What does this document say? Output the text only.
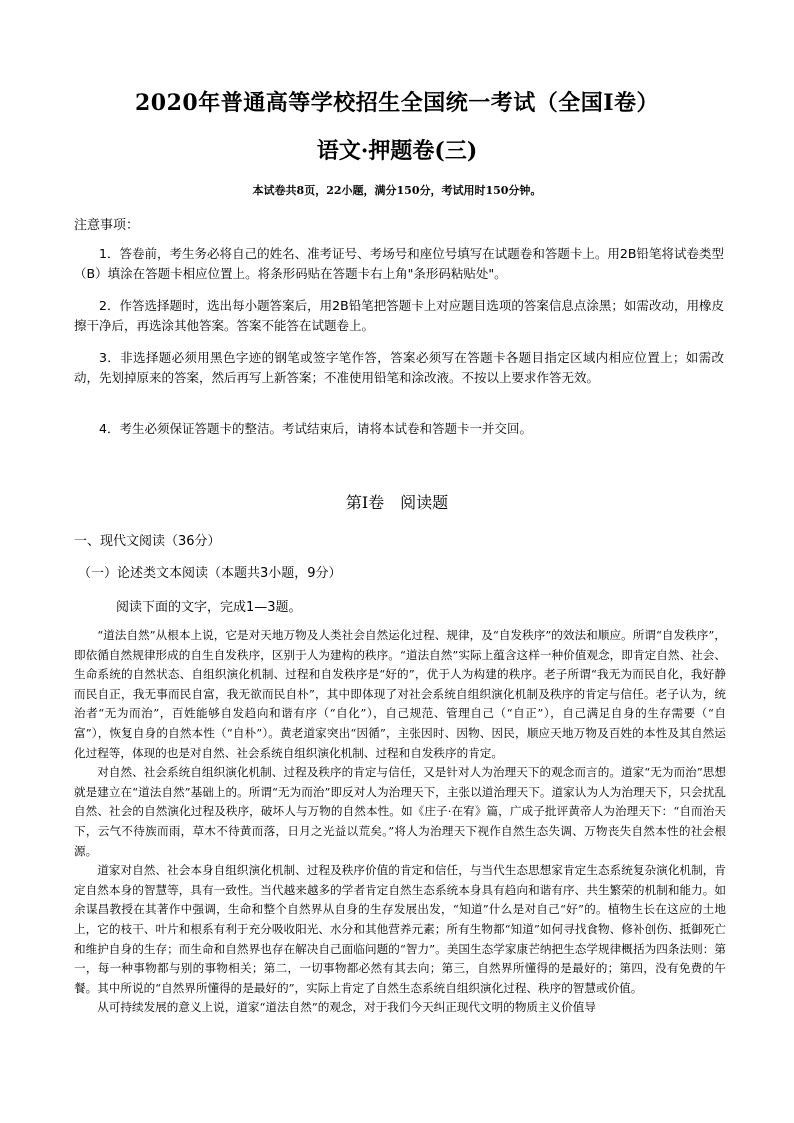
2020年普通高等学校招生全国统一考试（全国I卷）
语文·押题卷(三)
本试卷共8页，22小题，满分150分，考试用时150分钟。
注意事项：
1．答卷前，考生务必将自己的姓名、准考证号、考场号和座位号填写在试题卷和答题卡上。用2B铅笔将试卷类型（B）填涂在答题卡相应位置上。将条形码贴在答题卡右上角"条形码粘贴处"。
2．作答选择题时，选出每小题答案后，用2B铅笔把答题卡上对应题目选项的答案信息点涂黑；如需改动，用橡皮擦干净后，再选涂其他答案。答案不能答在试题卷上。
3．非选择题必须用黑色字迹的钢笔或签字笔作答，答案必须写在答题卡各题目指定区域内相应位置上；如需改动，先划掉原来的答案，然后再写上新答案；不准使用铅笔和涂改液。不按以上要求作答无效。
4．考生必须保证答题卡的整洁。考试结束后，请将本试卷和答题卡一并交回。
第I卷 阅读题
一、现代文阅读（36分）
（一）论述类文本阅读（本题共3小题，9分）
阅读下面的文字，完成1—3题。

“道法自然”从根本上说，它是对天地万物及人类社会自然运化过程、规律，及“自发秩序”的效法和顺应。所谓“自发秩序”，即依循自然规律形成的自生自发秩序，区别于人为建构的秩序。“道法自然”实际上蕴含这样一种价值观念，即肯定自然、社会、生命系统的自然状态、自组织演化机制、过程和自发秩序是“好的”，优于人为构建的秩序。老子所谓“我无为而民自化，我好静而民自正，我无事而民自富，我无欲而民自朴”，其中即体现了对社会系统自组织演化机制及秩序的肯定与信任。老子认为，统治者“无为而治”，百姓能够自发趋向和谐有序（“自化”），自己规范、管理自己（“自正”），自己满足自身的生存需要（“自富”），恢复自身的自然本性（“自朴”）。黄老道家突出“因循”，主张因时、因物、因民，顺应天地万物及百姓的本性及其自然运化过程等，体现的也是对自然、社会系统自组织演化机制、过程和自发秩序的肯定。

对自然、社会系统自组织演化机制、过程及秩序的肯定与信任，又是针对人为治理天下的观念而言的。道家“无为而治”思想就是建立在“道法自然”基础上的。所谓“无为而治”即反对人为治理天下，主张以道治理天下。道家认为人为治理天下，只会扰乱自然、社会的自然演化过程及秩序，破坏人与万物的自然本性。如《庄子·在宥》篇，广成子批评黄帝人为治理天下：“自而治天下，云气不待族而雨，草木不待黄而落，日月之光益以荒矣。”将人为治理天下视作自然生态失调、万物丧失自然本性的社会根源。

道家对自然、社会本身自组织演化机制、过程及秩序价值的肯定和信任，与当代生态思想家肯定生态系统复杂演化机制，肯定自然本身的智慧等，具有一致性。当代越来越多的学者肯定自然生态系统本身具有趋向和谐有序、共生繁荣的机制和能力。如余谋昌教授在其著作中强调，生命和整个自然界从自身的生存发展出发，“知道”什么是对自己“好”的。植物生长在这应的土地上，它的枝干、叶片和根系有利于充分吸收阳光、水分和其他营养元素；所有生物都“知道”如何寻找食物、修补创伤、抵御死亡和维护自身的生存；而生命和自然界也存在解决自己面临问题的“智力”。美国生态学家康芒纳把生态学规律概括为四条法则：第一，每一种事物都与别的事物相关；第二，一切事物都必然有其去向；第三，自然界所懂得的是最好的；第四，没有免费的午餐。其中所说的“自然界所懂得的是最好的”，实际上肯定了自然生态系统自组织演化过程、秩序的智慧或价值。

从可持续发展的意义上说，道家“道法自然”的观念，对于我们今天纠正现代文明的物质主义价值导
